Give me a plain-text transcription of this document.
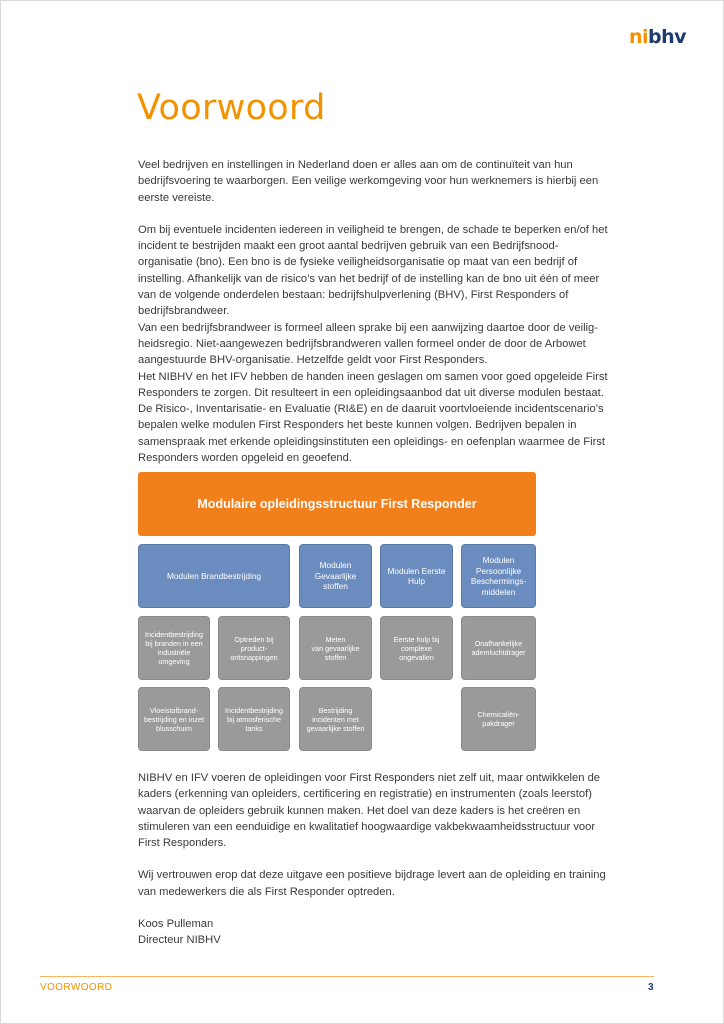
nibhv
Voorwoord

Veel bedrijven en instellingen in Nederland doen er alles aan om de continuïteit van hun
bedrijfsvoering te waarborgen. Een veilige werkomgeving voor hun werknemers is hierbij een
eerste vereiste.

Om bij eventuele incidenten iedereen in veiligheid te brengen, de schade te beperken en/of het
incident te bestrijden maakt een groot aantal bedrijven gebruik van een Bedrijfsnood-
organisatie (bno). Een bno is de fysieke veiligheidsorganisatie op maat van een bedrijf of
instelling. Afhankelijk van de risico’s van het bedrijf of de instelling kan de bno uit één of meer
van de volgende onderdelen bestaan: bedrijfshulpverlening (BHV), First Responders of
bedrijfsbrandweer.

Van een bedrijfsbrandweer is formeel alleen sprake bij een aanwijzing daartoe door de veilig-
heidsregio. Niet-aangewezen bedrijfsbrandweren vallen formeel onder de door de Arbowet
aangestuurde BHV-organisatie. Hetzelfde geldt voor First Responders.

Het NIBHV en het IFV hebben de handen ineen geslagen om samen voor goed opgeleide First
Responders te zorgen. Dit resulteert in een opleidingsaanbod dat uit diverse modulen bestaat.
De Risico-, Inventarisatie- en Evaluatie (RI&E) en de daaruit voortvloeiende incidentscenario’s
bepalen welke modulen First Responders het beste kunnen volgen. Bedrijven bepalen in
samenspraak met erkende opleidingsinstituten een opleidings- en oefenplan waarmee de First
Responders worden opgeleid en geoefend.

Modulaire opleidingsstructuur First Responder
Modulen Brandbestrijding
Modulen
Gevaarlijke
stoffen
Modulen Eerste
Hulp
Modulen
Persoonlijke
Beschermings-
middelen
Incidentbestrijding
bij branden in een
industriële
omgeving
Optreden bij
product-
ontsnappingen
Meten
van gevaarlijke
stoffen
Eerste hulp bij
complexe
ongevallen
Onafhankelijke
ademluchtdrager
Vloeistofbrand-
bestrijding en inzet
blusschuim
Incidentbestrijding
bij atmosferische
tanks
Bestrijding
incidenten met
gevaarlijke stoffen
Chemicaliën-
pakdrager

NIBHV en IFV voeren de opleidingen voor First Responders niet zelf uit, maar ontwikkelen de
kaders (erkenning van opleiders, certificering en registratie) en instrumenten (zoals leerstof)
waarvan de opleiders gebruik kunnen maken. Het doel van deze kaders is het creëren en
stimuleren van een eenduidige en kwalitatief hoogwaardige vakbekwaamheidsstructuur voor
First Responders.

Wij vertrouwen erop dat deze uitgave een positieve bijdrage levert aan de opleiding en training
van medewerkers die als First Responder optreden.

Koos Pulleman

Directeur NIBHV

VOORWOORD	3
